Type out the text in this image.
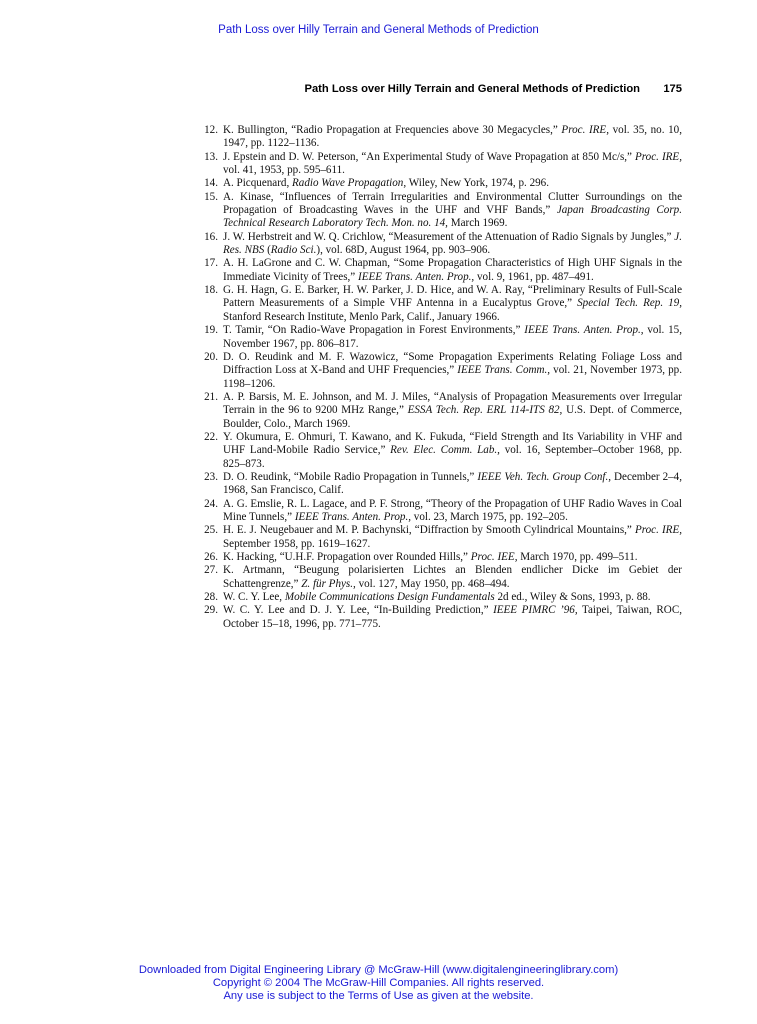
Path Loss over Hilly Terrain and General Methods of Prediction
Path Loss over Hilly Terrain and General Methods of Prediction 175
12. K. Bullington, “Radio Propagation at Frequencies above 30 Megacycles,” Proc. IRE, vol. 35, no. 10, 1947, pp. 1122–1136.
13. J. Epstein and D. W. Peterson, “An Experimental Study of Wave Propagation at 850 Mc/s,” Proc. IRE, vol. 41, 1953, pp. 595–611.
14. A. Picquenard, Radio Wave Propagation, Wiley, New York, 1974, p. 296.
15. A. Kinase, “Influences of Terrain Irregularities and Environmental Clutter Surroundings on the Propagation of Broadcasting Waves in the UHF and VHF Bands,” Japan Broadcasting Corp. Technical Research Laboratory Tech. Mon. no. 14, March 1969.
16. J. W. Herbstreit and W. Q. Crichlow, “Measurement of the Attenuation of Radio Signals by Jungles,” J. Res. NBS (Radio Sci.), vol. 68D, August 1964, pp. 903–906.
17. A. H. LaGrone and C. W. Chapman, “Some Propagation Characteristics of High UHF Signals in the Immediate Vicinity of Trees,” IEEE Trans. Anten. Prop., vol. 9, 1961, pp. 487–491.
18. G. H. Hagn, G. E. Barker, H. W. Parker, J. D. Hice, and W. A. Ray, “Preliminary Results of Full-Scale Pattern Measurements of a Simple VHF Antenna in a Eucalyptus Grove,” Special Tech. Rep. 19, Stanford Research Institute, Menlo Park, Calif., January 1966.
19. T. Tamir, “On Radio-Wave Propagation in Forest Environments,” IEEE Trans. Anten. Prop., vol. 15, November 1967, pp. 806–817.
20. D. O. Reudink and M. F. Wazowicz, “Some Propagation Experiments Relating Foliage Loss and Diffraction Loss at X-Band and UHF Frequencies,” IEEE Trans. Comm., vol. 21, November 1973, pp. 1198–1206.
21. A. P. Barsis, M. E. Johnson, and M. J. Miles, “Analysis of Propagation Measurements over Irregular Terrain in the 96 to 9200 MHz Range,” ESSA Tech. Rep. ERL 114-ITS 82, U.S. Dept. of Commerce, Boulder, Colo., March 1969.
22. Y. Okumura, E. Ohmuri, T. Kawano, and K. Fukuda, “Field Strength and Its Variability in VHF and UHF Land-Mobile Radio Service,” Rev. Elec. Comm. Lab., vol. 16, September–October 1968, pp. 825–873.
23. D. O. Reudink, “Mobile Radio Propagation in Tunnels,” IEEE Veh. Tech. Group Conf., December 2–4, 1968, San Francisco, Calif.
24. A. G. Emslie, R. L. Lagace, and P. F. Strong, “Theory of the Propagation of UHF Radio Waves in Coal Mine Tunnels,” IEEE Trans. Anten. Prop., vol. 23, March 1975, pp. 192–205.
25. H. E. J. Neugebauer and M. P. Bachynski, “Diffraction by Smooth Cylindrical Mountains,” Proc. IRE, September 1958, pp. 1619–1627.
26. K. Hacking, “U.H.F. Propagation over Rounded Hills,” Proc. IEE, March 1970, pp. 499–511.
27. K. Artmann, “Beugung polarisierten Lichtes an Blenden endlicher Dicke im Gebiet der Schattengrenze,” Z. für Phys., vol. 127, May 1950, pp. 468–494.
28. W. C. Y. Lee, Mobile Communications Design Fundamentals 2d ed., Wiley & Sons, 1993, p. 88.
29. W. C. Y. Lee and D. J. Y. Lee, “In-Building Prediction,” IEEE PIMRC ’96, Taipei, Taiwan, ROC, October 15–18, 1996, pp. 771–775.
Downloaded from Digital Engineering Library @ McGraw-Hill (www.digitalengineeringlibrary.com)
Copyright © 2004 The McGraw-Hill Companies. All rights reserved.
Any use is subject to the Terms of Use as given at the website.
